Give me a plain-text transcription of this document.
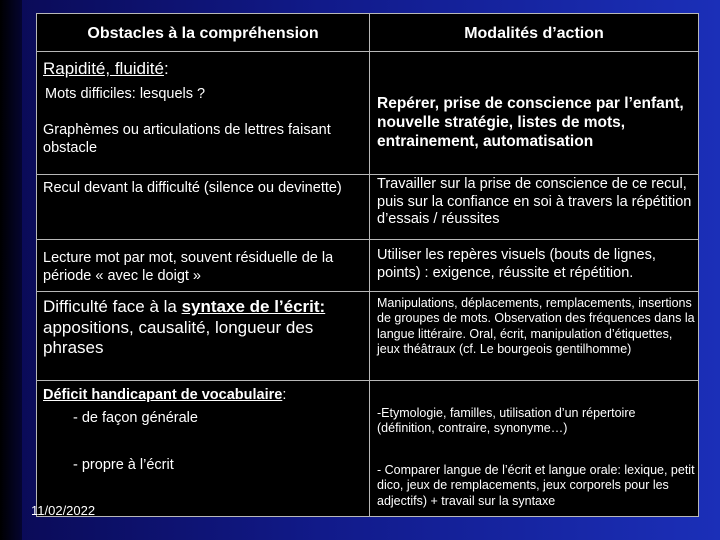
Obstacles à la compréhension	Modalités d’action
Rapidité, fluidité:
Mots difficiles: lesquels ?
Graphèmes ou articulations de lettres faisant obstacle
Repérer, prise de conscience par l’enfant, nouvelle stratégie, listes de mots, entrainement, automatisation
Recul devant la difficulté (silence ou devinette)	Travailler sur la prise de conscience de ce recul, puis sur la confiance en soi à travers la répétition d’essais / réussites
Lecture mot par mot, souvent résiduelle de la période « avec le doigt »
Utiliser les repères visuels (bouts de lignes, points) : exigence, réussite et répétition.
Difficulté face à la syntaxe de l’écrit: appositions, causalité, longueur des phrases
Manipulations, déplacements, remplacements, insertions de groupes de mots. Observation des fréquences dans la langue littéraire. Oral, écrit, manipulation d’étiquettes, jeux théâtraux (cf. Le bourgeois gentilhomme)
Déficit handicapant de vocabulaire:
- de façon générale
- propre à l’écrit
-Etymologie, familles, utilisation d’un répertoire (définition, contraire, synonyme…)
- Comparer langue de l’écrit et langue orale: lexique, petit dico, jeux de remplacements, jeux corporels pour les adjectifs) + travail sur la syntaxe
11/02/2022
